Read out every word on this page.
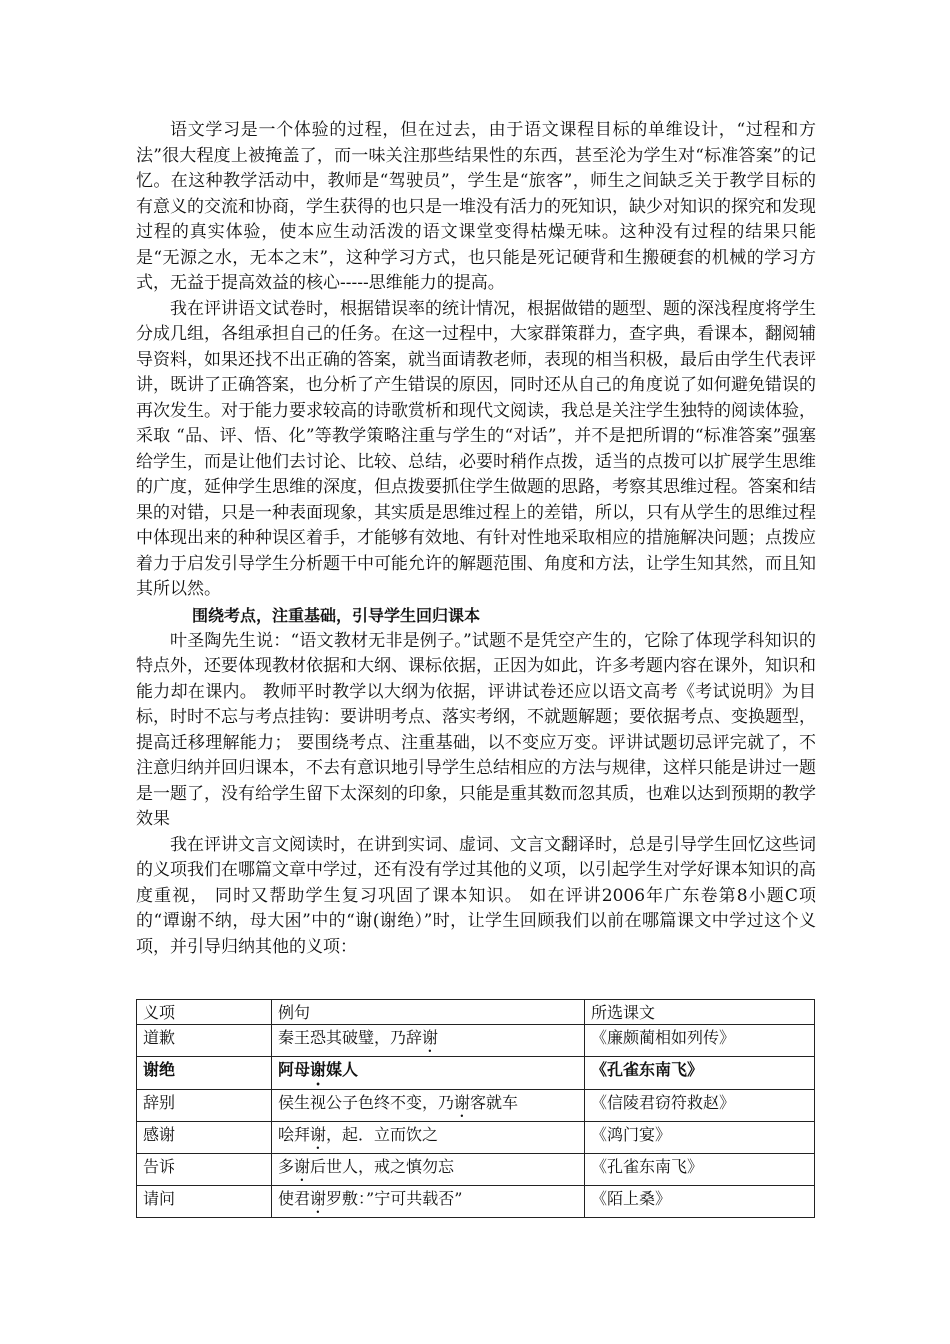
语文学习是一个体验的过程，但在过去，由于语文课程目标的单维设计，“过程和方法”很大程度上被掩盖了，而一味关注那些结果性的东西，甚至沦为学生对“标准答案”的记忆。在这种教学活动中，教师是“驾驶员”，学生是“旅客”，师生之间缺乏关于教学目标的有意义的交流和协商，学生获得的也只是一堆没有活力的死知识，缺少对知识的探究和发现过程的真实体验，使本应生动活泼的语文课堂变得枯燥无味。这种没有过程的结果只能是“无源之水，无本之末”，这种学习方式，也只能是死记硬背和生搬硬套的机械的学习方式，无益于提高效益的核心-----思维能力的提高。

我在评讲语文试卷时，根据错误率的统计情况，根据做错的题型、题的深浅程度将学生分成几组，各组承担自己的任务。在这一过程中，大家群策群力，查字典，看课本，翻阅辅导资料，如果还找不出正确的答案，就当面请教老师，表现的相当积极，最后由学生代表评讲，既讲了正确答案，也分析了产生错误的原因，同时还从自己的角度说了如何避免错误的再次发生。对于能力要求较高的诗歌赏析和现代文阅读，我总是关注学生独特的阅读体验，采取 “品、评、悟、化”等教学策略注重与学生的“对话”，并不是把所谓的“标准答案”强塞给学生，而是让他们去讨论、比较、总结，必要时稍作点拨，适当的点拨可以扩展学生思维的广度，延伸学生思维的深度，但点拨要抓住学生做题的思路，考察其思维过程。答案和结果的对错，只是一种表面现象，其实质是思维过程上的差错，所以，只有从学生的思维过程中体现出来的种种误区着手，才能够有效地、有针对性地采取相应的措施解决问题；点拨应着力于启发引导学生分析题干中可能允许的解题范围、角度和方法，让学生知其然，而且知其所以然。

围绕考点，注重基础，引导学生回归课本

叶圣陶先生说：“语文教材无非是例子。”试题不是凭空产生的，它除了体现学科知识的特点外，还要体现教材依据和大纲、课标依据，正因为如此，许多考题内容在课外，知识和能力却在课内。 教师平时教学以大纲为依据，评讲试卷还应以语文高考《考试说明》为目标，时时不忘与考点挂钩：要讲明考点、落实考纲，不就题解题；要依据考点、变换题型，提高迁移理解能力； 要围绕考点、注重基础，以不变应万变。评讲试题切忌评完就了，不注意归纳并回归课本，不去有意识地引导学生总结相应的方法与规律，这样只能是讲过一题是一题了，没有给学生留下太深刻的印象，只能是重其数而忽其质，也难以达到预期的教学效果

我在评讲文言文阅读时，在讲到实词、虚词、文言文翻译时，总是引导学生回忆这些词的义项我们在哪篇文章中学过，还有没有学过其他的义项，以引起学生对学好课本知识的高度重视， 同时又帮助学生复习巩固了课本知识。 如在评讲2006年广东卷第8小题C项的“谭谢不纳，母大困”中的“谢(谢绝）”时，让学生回顾我们以前在哪篇课文中学过这个义项，并引导归纳其他的义项：

义项	例句	所选课文
道歉	秦王恐其破璧，乃辞谢	《廉颇蔺相如列传》
谢绝	阿母谢媒人	《孔雀东南飞》
辞别	侯生视公子色终不变，乃谢客就车	《信陵君窃符救赵》
感谢	哙拜谢，起．立而饮之	《鸿门宴》
告诉	多谢后世人，戒之慎勿忘	《孔雀东南飞》
请问	使君谢罗敷：”宁可共载否”	《陌上桑》
